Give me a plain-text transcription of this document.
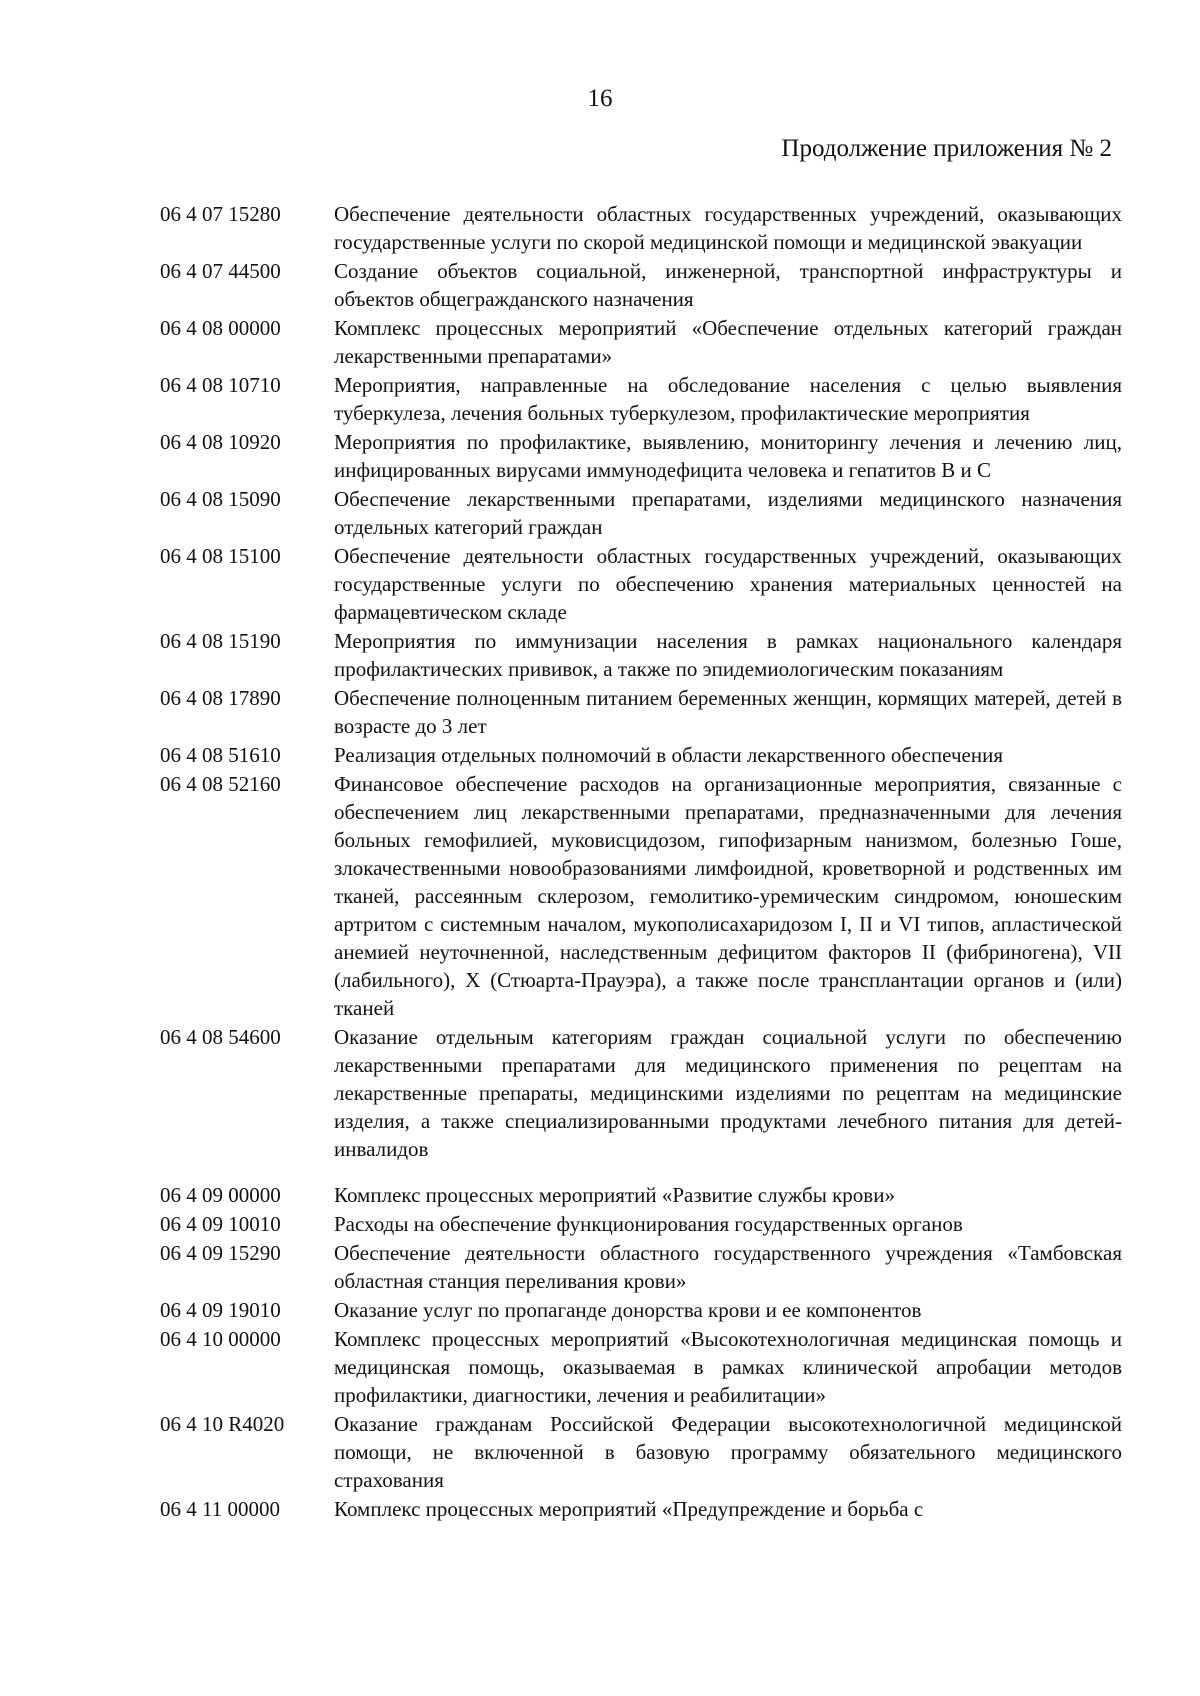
16
Продолжение приложения № 2
06 4 07 15280	Обеспечение деятельности областных государственных учреждений, оказывающих государственные услуги по скорой медицинской помощи и медицинской эвакуации
06 4 07 44500	Создание объектов социальной, инженерной, транспортной инфраструктуры и объектов общегражданского назначения
06 4 08 00000	Комплекс процессных мероприятий «Обеспечение отдельных категорий граждан лекарственными препаратами»
06 4 08 10710	Мероприятия, направленные на обследование населения с целью выявления туберкулеза, лечения больных туберкулезом, профилактические мероприятия
06 4 08 10920	Мероприятия по профилактике, выявлению, мониторингу лечения и лечению лиц, инфицированных вирусами иммунодефицита человека и гепатитов B и C
06 4 08 15090	Обеспечение лекарственными препаратами, изделиями медицинского назначения отдельных категорий граждан
06 4 08 15100	Обеспечение деятельности областных государственных учреждений, оказывающих государственные услуги по обеспечению хранения материальных ценностей на фармацевтическом складе
06 4 08 15190	Мероприятия по иммунизации населения в рамках национального календаря профилактических прививок, а также по эпидемиологическим показаниям
06 4 08 17890	Обеспечение полноценным питанием беременных женщин, кормящих матерей, детей в возрасте до 3 лет
06 4 08 51610	Реализация отдельных полномочий в области лекарственного обеспечения
06 4 08 52160	Финансовое обеспечение расходов на организационные мероприятия, связанные с обеспечением лиц лекарственными препаратами, предназначенными для лечения больных гемофилией, муковисцидозом, гипофизарным нанизмом, болезнью Гоше, злокачественными новообразованиями лимфоидной, кроветворной и родственных им тканей, рассеянным склерозом, гемолитико-уремическим синдромом, юношеским артритом с системным началом, мукополисахаридозом I, II и VI типов, апластической анемией неуточненной, наследственным дефицитом факторов II (фибриногена), VII (лабильного), X (Стюарта-Прауэра), а также после трансплантации органов и (или) тканей
06 4 08 54600	Оказание отдельным категориям граждан социальной услуги по обеспечению лекарственными препаратами для медицинского применения по рецептам на лекарственные препараты, медицинскими изделиями по рецептам на медицинские изделия, а также специализированными продуктами лечебного питания для детей-инвалидов
06 4 09 00000	Комплекс процессных мероприятий «Развитие службы крови»
06 4 09 10010	Расходы на обеспечение функционирования государственных органов
06 4 09 15290	Обеспечение деятельности областного государственного учреждения «Тамбовская областная станция переливания крови»
06 4 09 19010	Оказание услуг по пропаганде донорства крови и ее компонентов
06 4 10 00000	Комплекс процессных мероприятий «Высокотехнологичная медицинская помощь и медицинская помощь, оказываемая в рамках клинической апробации методов профилактики, диагностики, лечения и реабилитации»
06 4 10 R4020	Оказание гражданам Российской Федерации высокотехнологичной медицинской помощи, не включенной в базовую программу обязательного медицинского страхования
06 4 11 00000	Комплекс процессных мероприятий «Предупреждение и борьба с
